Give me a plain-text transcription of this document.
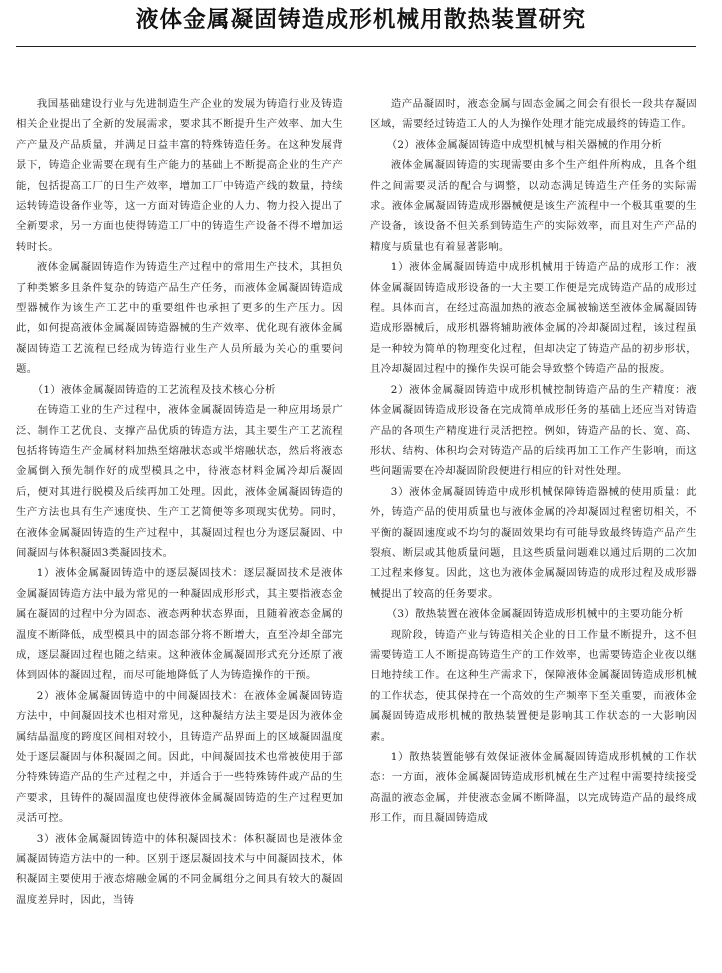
液体金属凝固铸造成形机械用散热装置研究

我国基础建设行业与先进制造生产企业的发展为铸造行业及铸造相关企业提出了全新的发展需求，要求其不断提升生产效率、加大生产产量及产品质量，并满足日益丰富的特殊铸造任务。在这种发展背景下，铸造企业需要在现有生产能力的基础上不断提高企业的生产产能，包括提高工厂的日生产效率，增加工厂中铸造产线的数量，持续运转铸造设备作业等，这一方面对铸造企业的人力、物力投入提出了全新要求，另一方面也使得铸造工厂中的铸造生产设备不得不增加运转时长。

液体金属凝固铸造作为铸造生产过程中的常用生产技术，其担负了种类繁多且条件复杂的铸造产品生产任务，而液体金属凝固铸造成型器械作为该生产工艺中的重要组件也承担了更多的生产压力。因此，如何提高液体金属凝固铸造器械的生产效率、优化现有液体金属凝固铸造工艺流程已经成为铸造行业生产人员所最为关心的重要问题。

（1）液体金属凝固铸造的工艺流程及技术核心分析

在铸造工业的生产过程中，液体金属凝固铸造是一种应用场景广泛、制作工艺优良、支撑产品优质的铸造方法，其主要生产工艺流程包括将铸造生产金属材料加热至熔融状态或半熔融状态，然后将液态金属倒入预先制作好的成型模具之中，待液态材料金属冷却后凝固后，便对其进行脱模及后续再加工处理。因此，液体金属凝固铸造的生产方法也具有生产速度快、生产工艺简便等多项现实优势。同时，在液体金属凝固铸造的生产过程中，其凝固过程也分为逐层凝固、中间凝固与体积凝固3类凝固技术。

1）液体金属凝固铸造中的逐层凝固技术：逐层凝固技术是液体金属凝固铸造方法中最为常见的一种凝固成形形式，其主要指液态金属在凝固的过程中分为固态、液态两种状态界面，且随着液态金属的温度不断降低，成型模具中的固态部分将不断增大，直至冷却全部完成，逐层凝固过程也随之结束。这种液体金属凝固形式充分还原了液体到固体的凝固过程，而尽可能地降低了人为铸造操作的干预。

2）液体金属凝固铸造中的中间凝固技术：在液体金属凝固铸造方法中，中间凝固技术也相对常见，这种凝结方法主要是因为液体金属结晶温度的跨度区间相对较小，且铸造产品界面上的区域凝固温度处于逐层凝固与体积凝固之间。因此，中间凝固技术也常被使用于部分特殊铸造产品的生产过程之中，并适合于一些特殊铸件或产品的生产要求，且铸件的凝固温度也使得液体金属凝固铸造的生产过程更加灵活可控。

3）液体金属凝固铸造中的体积凝固技术：体积凝固也是液体金属凝固铸造方法中的一种。区别于逐层凝固技术与中间凝固技术，体积凝固主要使用于液态熔融金属的不同金属组分之间具有较大的凝固温度差异时，因此，当铸

造产品凝固时，液态金属与固态金属之间会有很长一段共存凝固区域，需要经过铸造工人的人为操作处理才能完成最终的铸造工作。

（2）液体金属凝固铸造中成型机械与相关器械的作用分析

液体金属凝固铸造的实现需要由多个生产组件所构成，且各个组件之间需要灵活的配合与调整，以动态满足铸造生产任务的实际需求。液体金属凝固铸造成形器械便是该生产流程中一个极其重要的生产设备，该设备不但关系到铸造生产的实际效率，而且对生产产品的精度与质量也有着显著影响。

1）液体金属凝固铸造中成形机械用于铸造产品的成形工作：液体金属凝固铸造成形设备的一大主要工作便是完成铸造产品的成形过程。具体而言，在经过高温加热的液态金属被输送至液体金属凝固铸造成形器械后，成形机器将辅助液体金属的冷却凝固过程，该过程虽是一种较为简单的物理变化过程，但却决定了铸造产品的初步形状，且冷却凝固过程中的操作失误可能会导致整个铸造产品的报废。

2）液体金属凝固铸造中成形机械控制铸造产品的生产精度：液体金属凝固铸造成形设备在完成简单成形任务的基础上还应当对铸造产品的各项生产精度进行灵活把控。例如，铸造产品的长、宽、高、形状、结构、体积均会对铸造产品的后续再加工工作产生影响，而这些问题需要在冷却凝固阶段便进行相应的针对性处理。

3）液体金属凝固铸造中成形机械保障铸造器械的使用质量：此外，铸造产品的使用质量也与液体金属的冷却凝固过程密切相关，不平衡的凝固速度或不均匀的凝固效果均有可能导致最终铸造产品产生裂痕、断层或其他质量问题，且这些质量问题难以通过后期的二次加工过程来修复。因此，这也为液体金属凝固铸造的成形过程及成形器械提出了较高的任务要求。

（3）散热装置在液体金属凝固铸造成形机械中的主要功能分析

现阶段，铸造产业与铸造相关企业的日工作量不断提升，这不但需要铸造工人不断提高铸造生产的工作效率，也需要铸造企业夜以继日地持续工作。在这种生产需求下，保障液体金属凝固铸造成形机械的工作状态，使其保持在一个高效的生产频率下至关重要，而液体金属凝固铸造成形机械的散热装置便是影响其工作状态的一大影响因素。

1）散热装置能够有效保证液体金属凝固铸造成形机械的工作状态：一方面，液体金属凝固铸造成形机械在生产过程中需要持续接受高温的液态金属，并使液态金属不断降温，以完成铸造产品的最终成形工作，而且凝固铸造成
